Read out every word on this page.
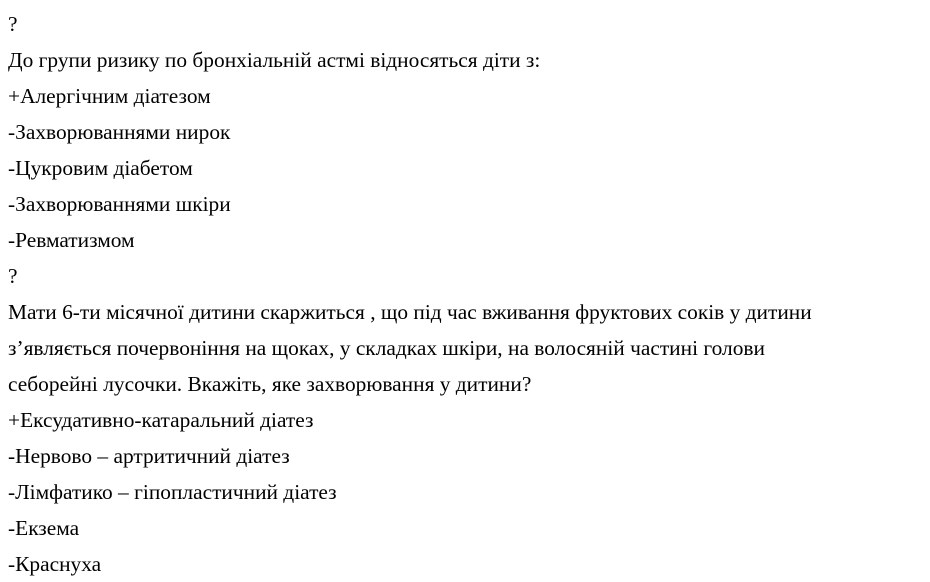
?
До групи ризику по бронхіальній астмі відносяться діти з:
+Алергічним діатезом
-Захворюваннями нирок
-Цукровим діабетом
-Захворюваннями шкіри
-Ревматизмом
?
Мати 6-ти місячної дитини скаржиться , що під час вживання фруктових соків у дитини
з’являється почервоніння на щоках, у складках шкіри, на волосяній частині голови
себорейні лусочки. Вкажіть, яке захворювання у дитини?
+Ексудативно-катаральний діатез
-Нервово – артритичний діатез
-Лімфатико – гіпопластичний діатез
-Екзема
-Краснуха
